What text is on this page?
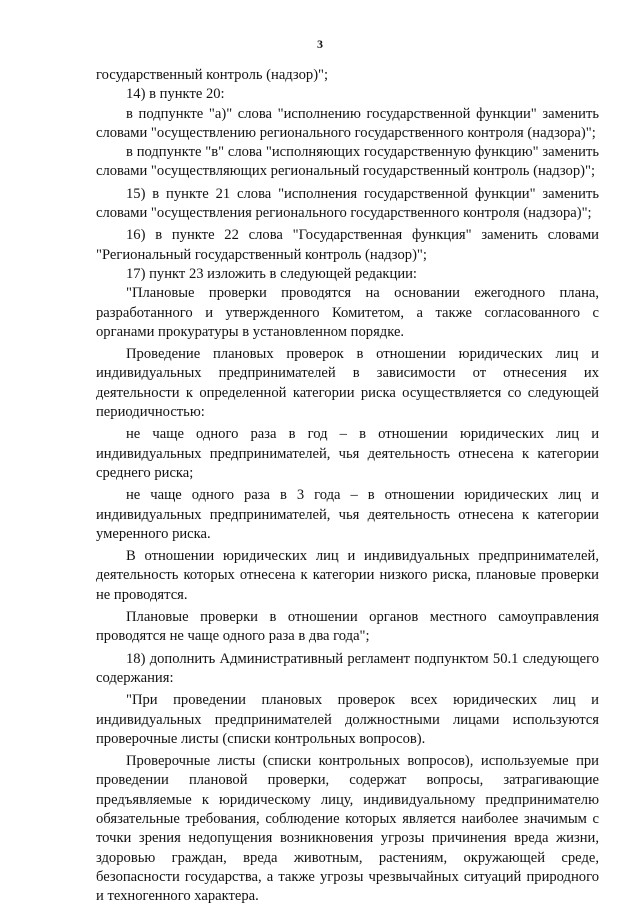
3

государственный контроль (надзор)";

14) в пункте 20:

в подпункте "а)" слова "исполнению государственной функции" заменить словами "осуществлению регионального государственного контроля (надзора)";

в подпункте "в" слова "исполняющих государственную функцию" заменить словами "осуществляющих региональный государственный контроль (надзор)";

15) в пункте 21 слова "исполнения государственной функции" заменить словами "осуществления регионального государственного контроля (надзора)";

16) в пункте 22 слова "Государственная функция" заменить словами "Региональный государственный контроль (надзор)";

17) пункт 23 изложить в следующей редакции:

"Плановые проверки проводятся на основании ежегодного плана, разработанного и утвержденного Комитетом, а также согласованного с органами прокуратуры в установленном порядке.

Проведение плановых проверок в отношении юридических лиц и индивидуальных предпринимателей в зависимости от отнесения их деятельности к определенной категории риска осуществляется со следующей периодичностью:

не чаще одного раза в год – в отношении юридических лиц и индивидуальных предпринимателей, чья деятельность отнесена к категории среднего риска;

не чаще одного раза в 3 года – в отношении юридических лиц и индивидуальных предпринимателей, чья деятельность отнесена к категории умеренного риска.

В отношении юридических лиц и индивидуальных предпринимателей, деятельность которых отнесена к категории низкого риска, плановые проверки не проводятся.

Плановые проверки в отношении органов местного самоуправления проводятся не чаще одного раза в два года";

18) дополнить Административный регламент подпунктом 50.1 следующего содержания:

"При проведении плановых проверок всех юридических лиц и индивидуальных предпринимателей должностными лицами используются проверочные листы (списки контрольных вопросов).

Проверочные листы (списки контрольных вопросов), используемые при проведении плановой проверки, содержат вопросы, затрагивающие предъявляемые к юридическому лицу, индивидуальному предпринимателю обязательные требования, соблюдение которых является наиболее значимым с точки зрения недопущения возникновения угрозы причинения вреда жизни, здоровью граждан, вреда животным, растениям, окружающей среде, безопасности государства, а также угрозы чрезвычайных ситуаций природного и техногенного характера.
